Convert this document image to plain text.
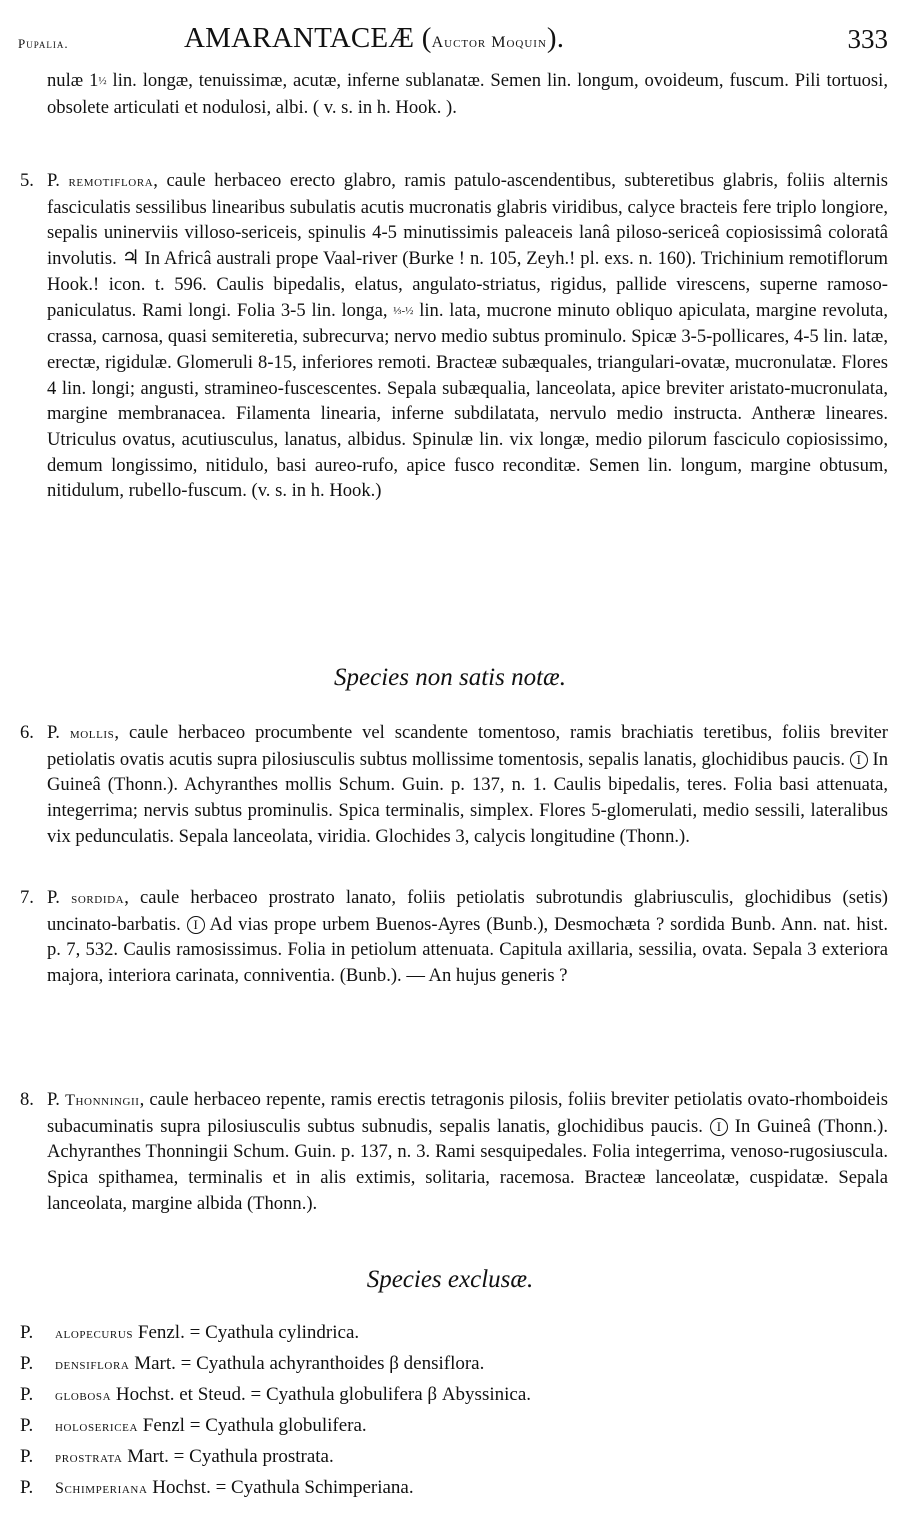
Pupalia.	AMARANTACEÆ (Auctor Moquin).	333

nulæ 1½ lin. longæ, tenuissimæ, acutæ, inferne sublanatæ. Semen lin. longum, ovoideum, fuscum. Pili tortuosi, obsolete articulati et nodulosi, albi. ( v. s. in h. Hook. ).

5. P. remotiflora, caule herbaceo erecto glabro, ramis patulo-ascendentibus, subteretibus glabris, foliis alternis fasciculatis sessilibus linearibus subulatis acutis mucronatis glabris viridibus, calyce bracteis fere triplo longiore, sepalis uninerviis villoso-sericeis, spinulis 4-5 minutissimis paleaceis lanâ piloso-sericeâ copiosissimâ coloratâ involutis. ♃ In Africâ australi prope Vaal-river (Burke ! n. 105, Zeyh.! pl. exs. n. 160). Trichinium remotiflorum Hook.! icon. t. 596. Caulis bipedalis, elatus, angulato-striatus, rigidus, pallide virescens, superne ramoso-paniculatus. Rami longi. Folia 3-5 lin. longa, ⅓-½ lin. lata, mucrone minuto obliquo apiculata, margine revoluta, crassa, carnosa, quasi semiteretia, subrecurva; nervo medio subtus prominulo. Spicæ 3-5-pollicares, 4-5 lin. latæ, erectæ, rigidulæ. Glomeruli 8-15, inferiores remoti. Bracteæ subæquales, triangulari-ovatæ, mucronulatæ. Flores 4 lin. longi; angusti, stramineo-fuscescentes. Sepala subæqualia, lanceolata, apice breviter aristato-mucronulata, margine membranacea. Filamenta linearia, inferne subdilatata, nervulo medio instructa. Antheræ lineares. Utriculus ovatus, acutiusculus, lanatus, albidus. Spinulæ lin. vix longæ, medio pilorum fasciculo copiosissimo, demum longissimo, nitidulo, basi aureo-rufo, apice fusco reconditæ. Semen lin. longum, margine obtusum, nitidulum, rubello-fuscum. (v. s. in h. Hook.)

Species non satis notæ.

6. P. mollis, caule herbaceo procumbente vel scandente tomentoso, ramis brachiatis teretibus, foliis breviter petiolatis ovatis acutis supra pilosiusculis subtus mollissime tomentosis, sepalis lanatis, glochidibus paucis. I In Guineâ (Thonn.). Achyranthes mollis Schum. Guin. p. 137, n. 1. Caulis bipedalis, teres. Folia basi attenuata, integerrima; nervis subtus prominulis. Spica terminalis, simplex. Flores 5-glomerulati, medio sessili, lateralibus vix pedunculatis. Sepala lanceolata, viridia. Glochides 3, calycis longitudine (Thonn.).

7. P. sordida, caule herbaceo prostrato lanato, foliis petiolatis subrotundis glabriusculis, glochidibus (setis) uncinato-barbatis. I Ad vias prope urbem Buenos-Ayres (Bunb.), Desmochæta ? sordida Bunb. Ann. nat. hist. p. 7, 532. Caulis ramosissimus. Folia in petiolum attenuata. Capitula axillaria, sessilia, ovata. Sepala 3 exteriora majora, interiora carinata, conniventia. (Bunb.). — An hujus generis ?

8. P. Thonningii, caule herbaceo repente, ramis erectis tetragonis pilosis, foliis breviter petiolatis ovato-rhomboideis subacuminatis supra pilosiusculis subtus subnudis, sepalis lanatis, glochidibus paucis. I In Guineâ (Thonn.). Achyranthes Thonningii Schum. Guin. p. 137, n. 3. Rami sesquipedales. Folia integerrima, venoso-rugosiuscula. Spica spithamea, terminalis et in alis extimis, solitaria, racemosa. Bracteæ lanceolatæ, cuspidatæ. Sepala lanceolata, margine albida (Thonn.).

Species exclusæ.
P. alopecurus Fenzl. = Cyathula cylindrica.
P. densiflora Mart. = Cyathula achyranthoides β densiflora.
P. globosa Hochst. et Steud. = Cyathula globulifera β Abyssinica.
P. holosericea Fenzl = Cyathula globulifera.
P. prostrata Mart. = Cyathula prostrata.
P. Schimperiana Hochst. = Cyathula Schimperiana.
